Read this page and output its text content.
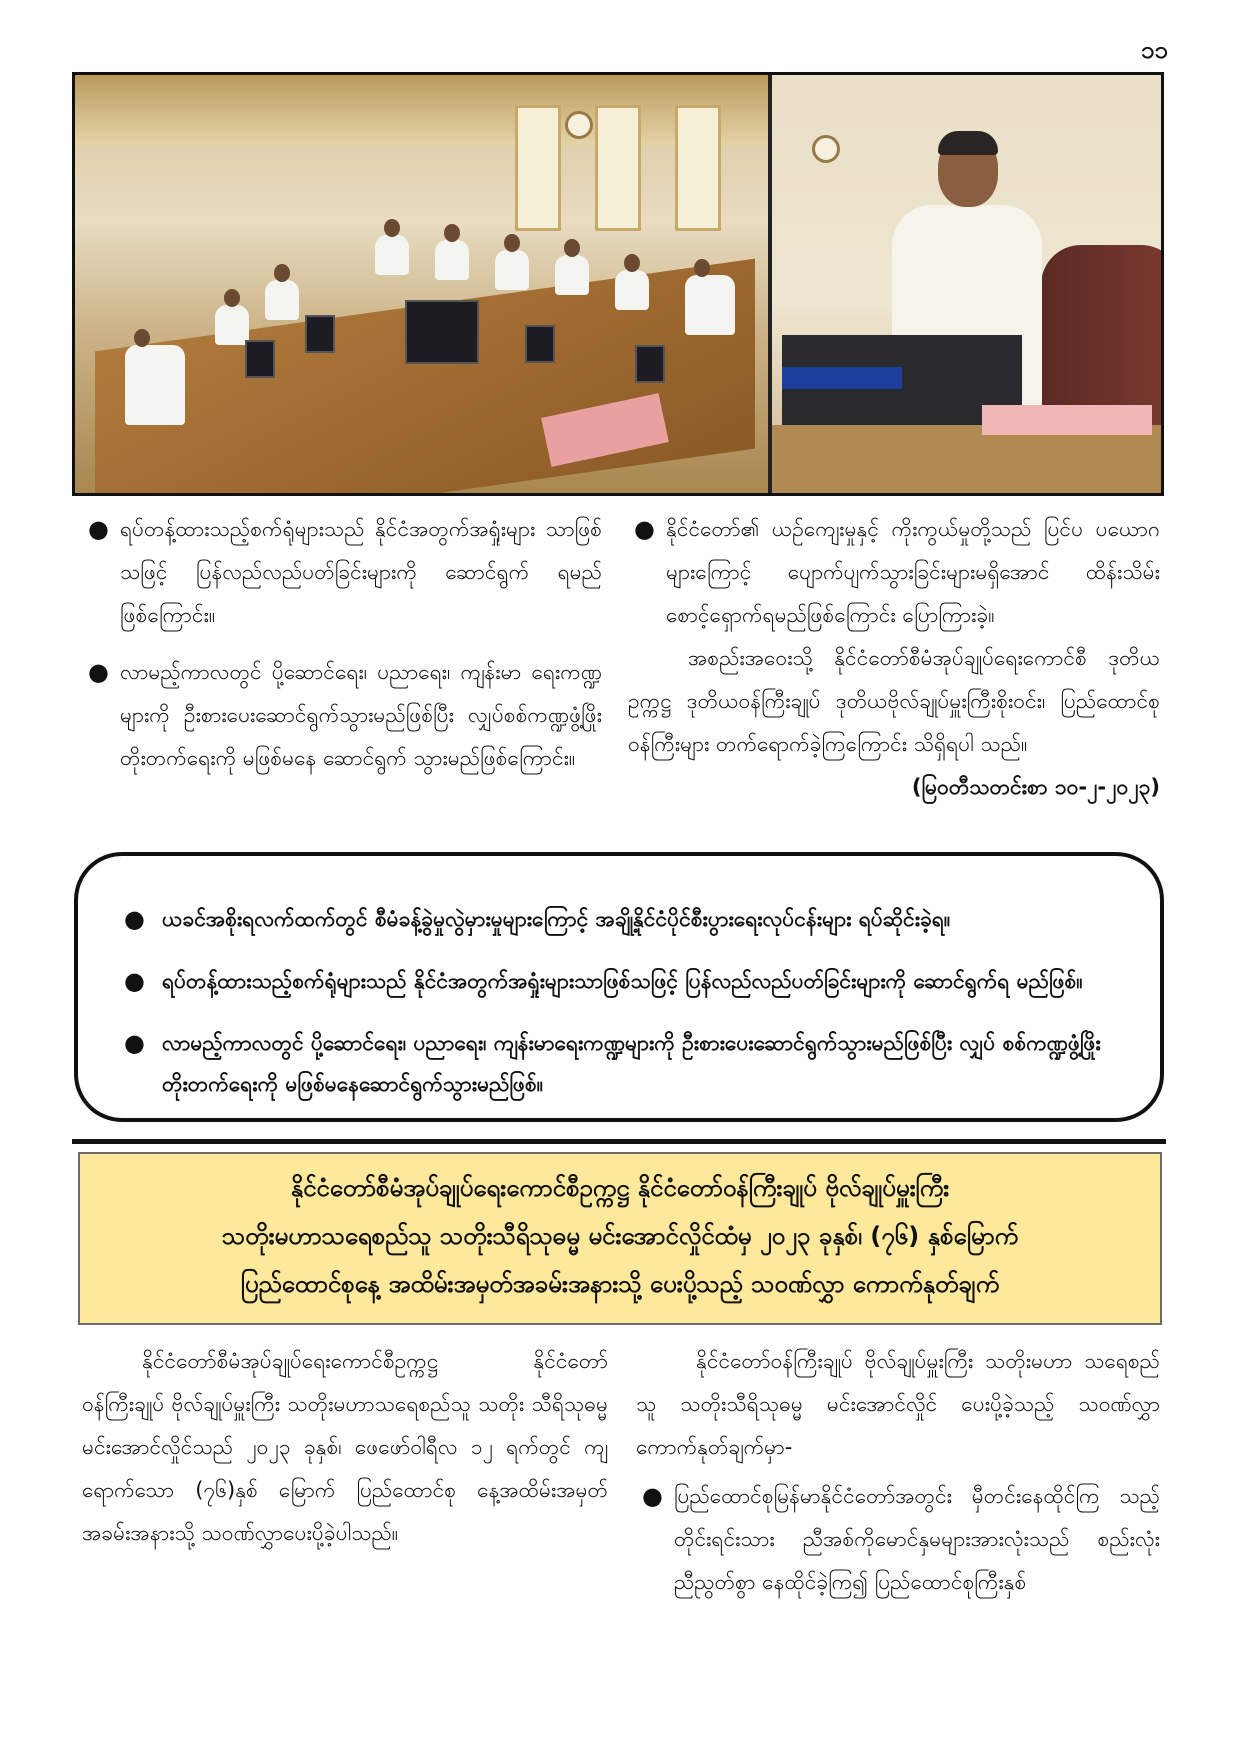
၁၁

● ရပ်တန့်ထားသည့်စက်ရုံများသည် နိုင်ငံအတွက်အရှုံးများ သာဖြစ်သဖြင့် ပြန်လည်လည်ပတ်ခြင်းများကို ဆောင်ရွက် ရမည်ဖြစ်ကြောင်း။

● လာမည့်ကာလတွင် ပို့ဆောင်ရေး၊ ပညာရေး၊ ကျန်းမာ ရေးကဏ္ဍများကို ဦးစားပေးဆောင်ရွက်သွားမည်ဖြစ်ပြီး လျှပ်စစ်ကဏ္ဍဖွံ့ဖြိုးတိုးတက်ရေးကို မဖြစ်မနေ ဆောင်ရွက် သွားမည်ဖြစ်ကြောင်း။

● နိုင်ငံတော်၏ ယဉ်ကျေးမှုနှင့် ကိုးကွယ်မှုတို့သည် ပြင်ပ ပယောဂများကြောင့် ပျောက်ပျက်သွားခြင်းများမရှိအောင် ထိန်းသိမ်းစောင့်ရှောက်ရမည်ဖြစ်ကြောင်း ပြောကြားခဲ့။

အစည်းအဝေးသို့ နိုင်ငံတော်စီမံအုပ်ချုပ်ရေးကောင်စီ ဒုတိယဥက္ကဋ္ဌ ဒုတိယဝန်ကြီးချုပ် ဒုတိယဗိုလ်ချုပ်မှူးကြီးစိုးဝင်း၊ ပြည်ထောင်စုဝန်ကြီးများ တက်ရောက်ခဲ့ကြကြောင်း သိရှိရပါ သည်။

(မြဝတီသတင်းစာ ၁၀-၂-၂၀၂၃)

● ယခင်အစိုးရလက်ထက်တွင် စီမံခန့်ခွဲမှုလွဲမှားမှုများကြောင့် အချို့နိုင်ငံပိုင်စီးပွားရေးလုပ်ငန်းများ ရပ်ဆိုင်းခဲ့ရ။

● ရပ်တန့်ထားသည့်စက်ရုံများသည် နိုင်ငံအတွက်အရှုံးများသာဖြစ်သဖြင့် ပြန်လည်လည်ပတ်ခြင်းများကို ဆောင်ရွက်ရ မည်ဖြစ်။

● လာမည့်ကာလတွင် ပို့ဆောင်ရေး၊ ပညာရေး၊ ကျန်းမာရေးကဏ္ဍများကို ဦးစားပေးဆောင်ရွက်သွားမည်ဖြစ်ပြီး လျှပ် စစ်ကဏ္ဍဖွံ့ဖြိုးတိုးတက်ရေးကို မဖြစ်မနေဆောင်ရွက်သွားမည်ဖြစ်။

နိုင်ငံတော်စီမံအုပ်ချုပ်ရေးကောင်စီဥက္ကဋ္ဌ နိုင်ငံတော်ဝန်ကြီးချုပ် ဗိုလ်ချုပ်မှူးကြီး
သတိုးမဟာသရေစည်သူ သတိုးသီရိသုဓမ္မ မင်းအောင်လှိုင်ထံမှ ၂၀၂၃ ခုနှစ်၊ (၇၆) နှစ်မြောက်
ပြည်ထောင်စုနေ့ အထိမ်းအမှတ်အခမ်းအနားသို့ ပေးပို့သည့် သဝဏ်လွှာ ကောက်နုတ်ချက်

နိုင်ငံတော်စီမံအုပ်ချုပ်ရေးကောင်စီဥက္ကဋ္ဌ နိုင်ငံတော် ဝန်ကြီးချုပ် ဗိုလ်ချုပ်မှူးကြီး သတိုးမဟာသရေစည်သူ သတိုး သီရိသုဓမ္မ မင်းအောင်လှိုင်သည် ၂၀၂၃ ခုနှစ်၊ ဖေဖော်ဝါရီလ ၁၂ ရက်တွင် ကျရောက်သော (၇၆)နှစ် မြောက် ပြည်ထောင်စု နေ့အထိမ်းအမှတ်အခမ်းအနားသို့ သဝဏ်လွှာပေးပို့ခဲ့ပါသည်။

နိုင်ငံတော်ဝန်ကြီးချုပ် ဗိုလ်ချုပ်မှူးကြီး သတိုးမဟာ သရေစည်သူ သတိုးသီရိသုဓမ္မ မင်းအောင်လှိုင် ပေးပို့ခဲ့သည့် သဝဏ်လွှာ ကောက်နုတ်ချက်မှာ-

● ပြည်ထောင်စုမြန်မာနိုင်ငံတော်အတွင်း မှီတင်းနေထိုင်ကြ သည့် တိုင်းရင်းသား ညီအစ်ကိုမောင်နှမများအားလုံးသည် စည်းလုံးညီညွတ်စွာ နေထိုင်ခဲ့ကြ၍ ပြည်ထောင်စုကြီးနှစ်
